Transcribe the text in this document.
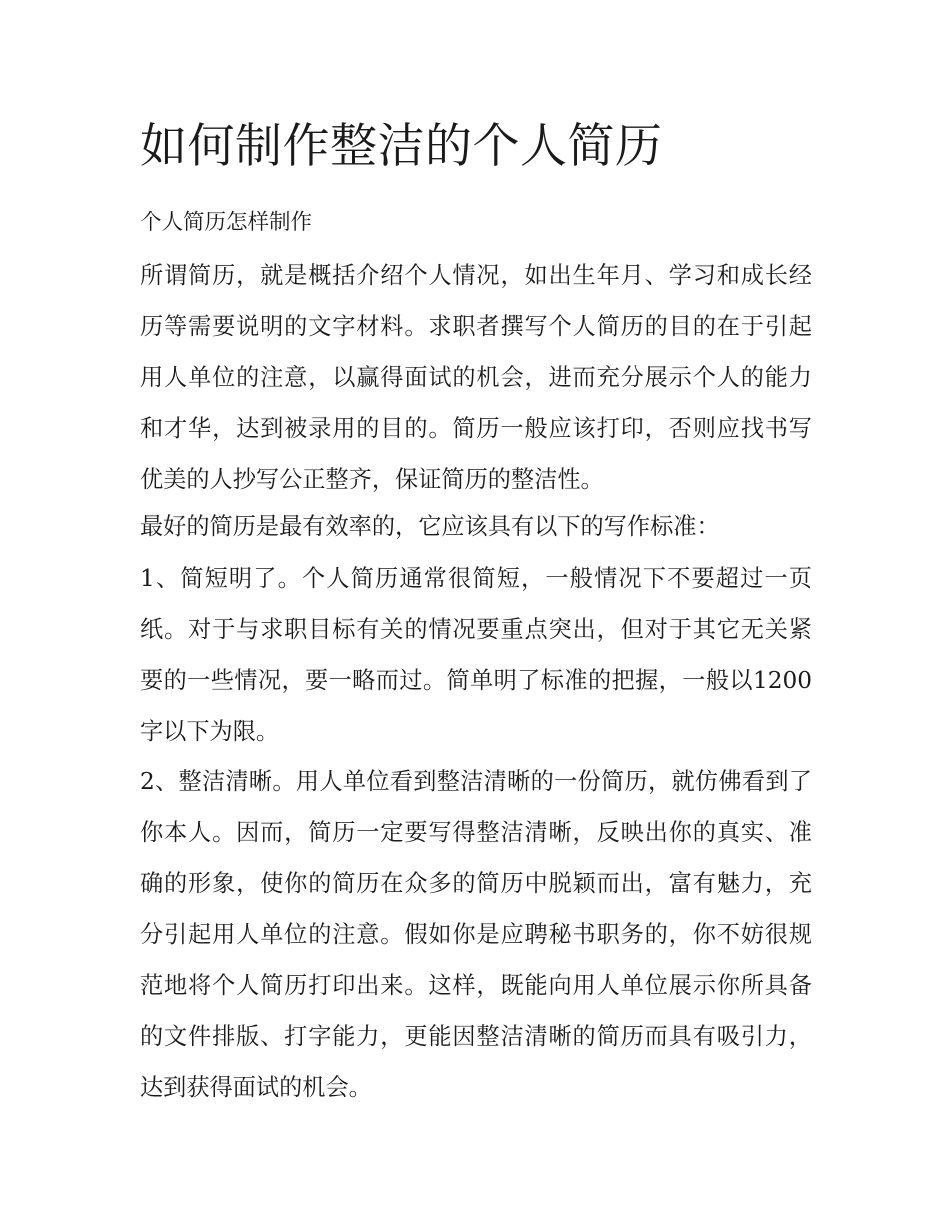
如何制作整洁的个人简历

个人简历怎样制作

所谓简历，就是概括介绍个人情况，如出生年月、学习和成长经历等需要说明的文字材料。求职者撰写个人简历的目的在于引起用人单位的注意，以赢得面试的机会，进而充分展示个人的能力和才华，达到被录用的目的。简历一般应该打印，否则应找书写优美的人抄写公正整齐，保证简历的整洁性。

最好的简历是最有效率的，它应该具有以下的写作标准：

1、简短明了。个人简历通常很简短，一般情况下不要超过一页纸。对于与求职目标有关的情况要重点突出，但对于其它无关紧要的一些情况，要一略而过。简单明了标准的把握，一般以1200字以下为限。

2、整洁清晰。用人单位看到整洁清晰的一份简历，就仿佛看到了你本人。因而，简历一定要写得整洁清晰，反映出你的真实、准确的形象，使你的简历在众多的简历中脱颖而出，富有魅力，充分引起用人单位的注意。假如你是应聘秘书职务的，你不妨很规范地将个人简历打印出来。这样，既能向用人单位展示你所具备的文件排版、打字能力，更能因整洁清晰的简历而具有吸引力，达到获得面试的机会。
